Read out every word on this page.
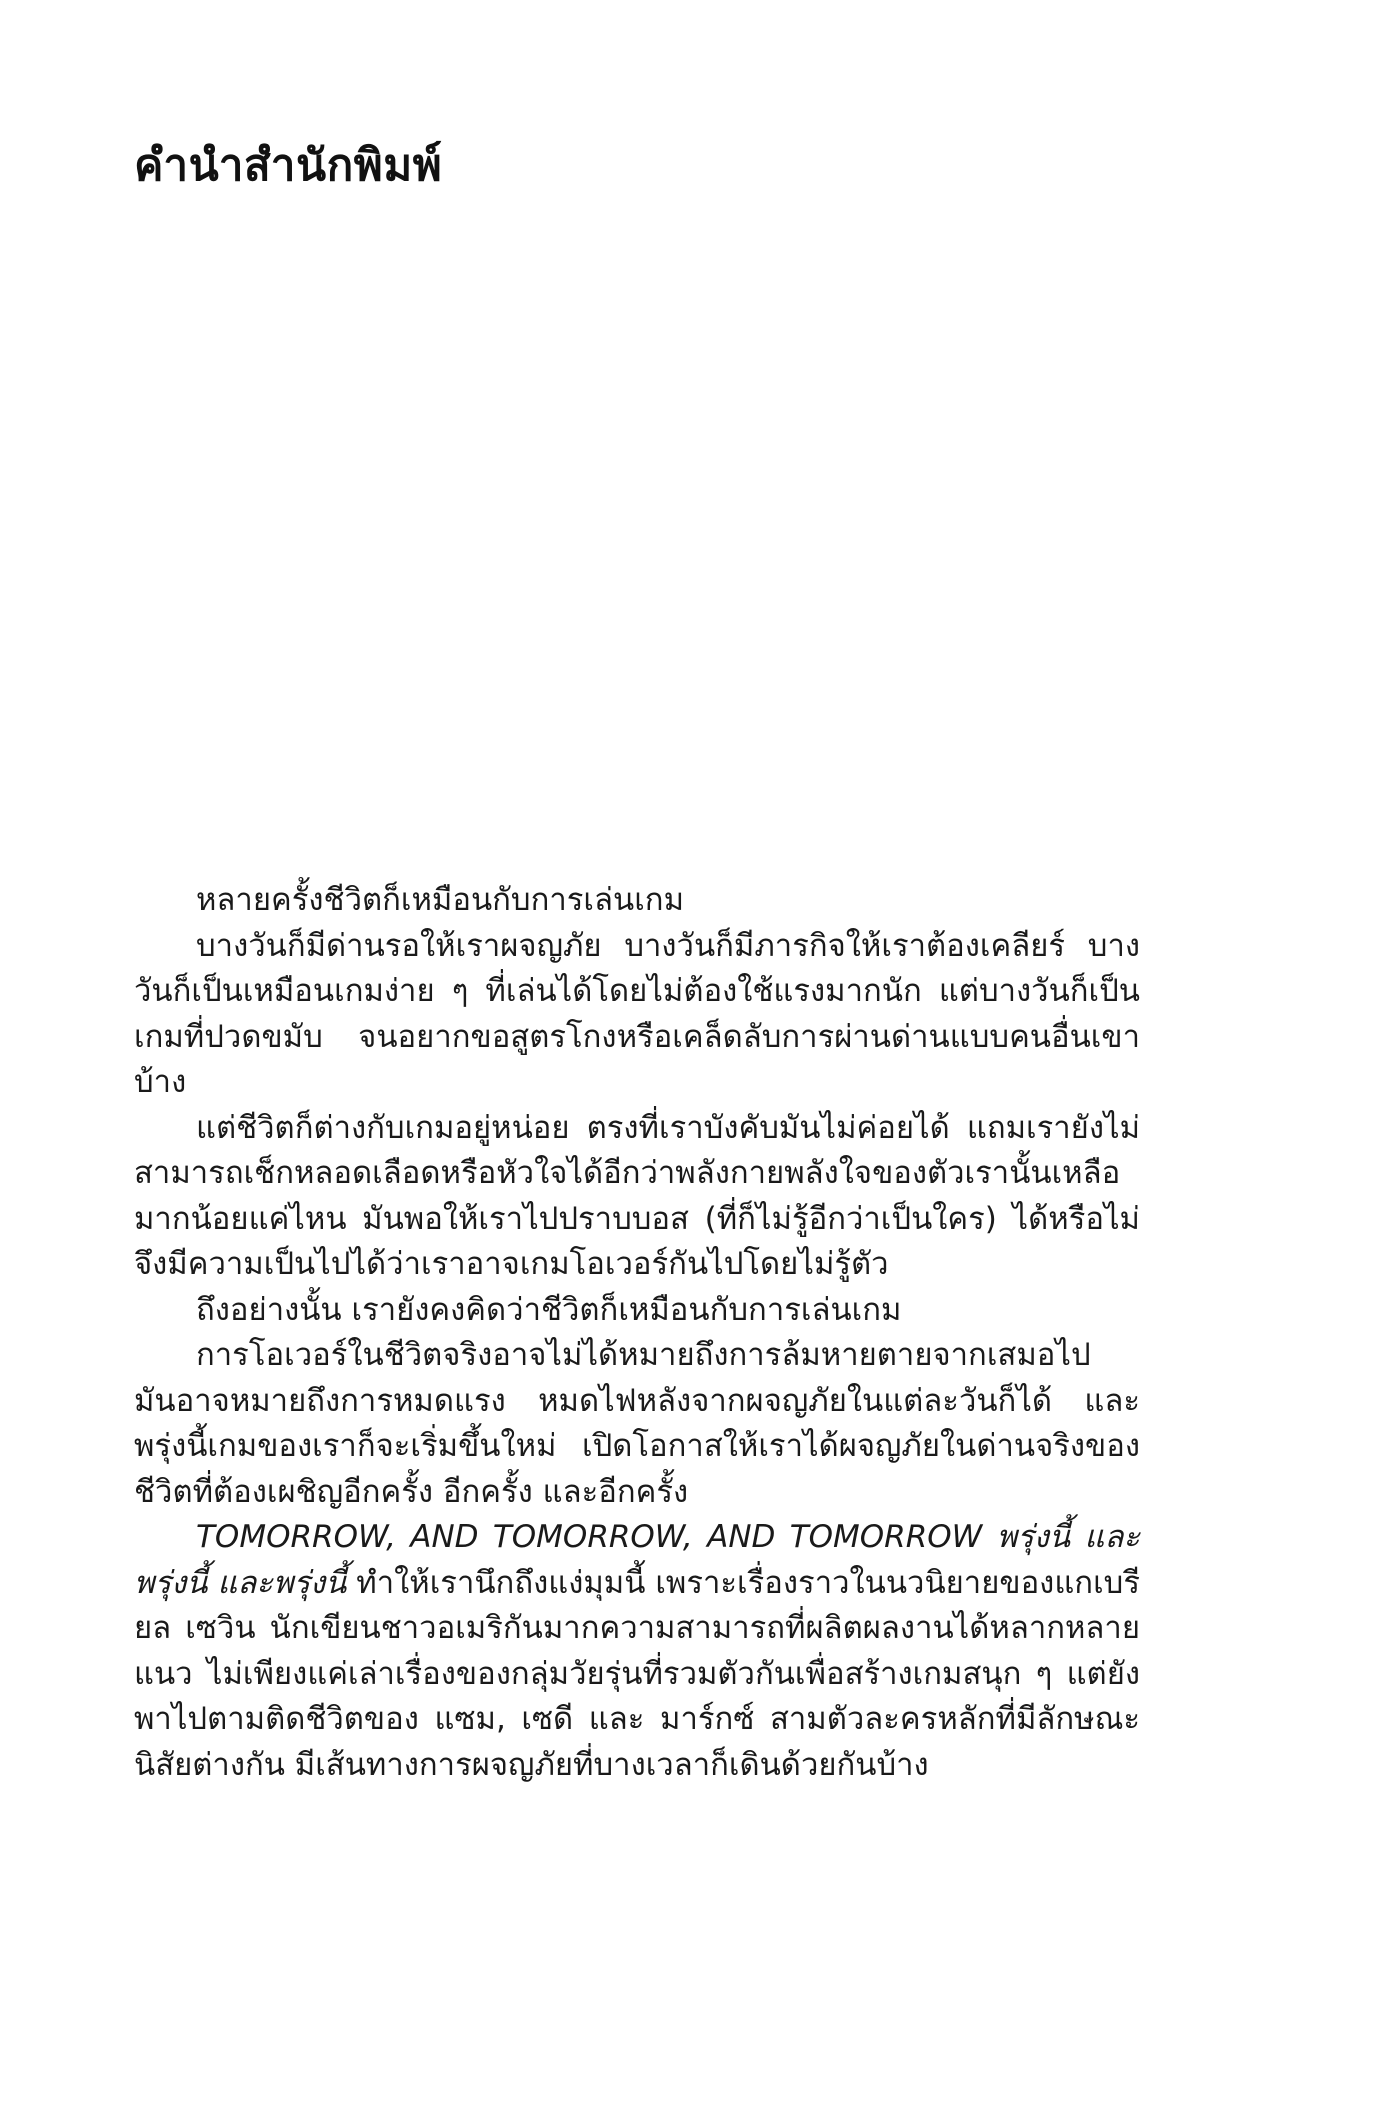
คำนำสำนักพิมพ์

หลายครั้งชีวิตก็เหมือนกับการเล่นเกม

บางวันก็มีด่านรอให้เราผจญภัย บางวันก็มีภารกิจให้เราต้องเคลียร์ บางวันก็เป็นเหมือนเกมง่าย ๆ ที่เล่นได้โดยไม่ต้องใช้แรงมากนัก แต่บางวันก็เป็นเกมที่ปวดขมับ จนอยากขอสูตรโกงหรือเคล็ดลับการผ่านด่านแบบคนอื่นเขาบ้าง

แต่ชีวิตก็ต่างกับเกมอยู่หน่อย ตรงที่เราบังคับมันไม่ค่อยได้ แถมเรายังไม่สามารถเช็กหลอดเลือดหรือหัวใจได้อีกว่าพลังกายพลังใจของตัวเรานั้นเหลือมากน้อยแค่ไหน มันพอให้เราไปปราบบอส (ที่ก็ไม่รู้อีกว่าเป็นใคร) ได้หรือไม่ จึงมีความเป็นไปได้ว่าเราอาจเกมโอเวอร์กันไปโดยไม่รู้ตัว

ถึงอย่างนั้น เรายังคงคิดว่าชีวิตก็เหมือนกับการเล่นเกม

การโอเวอร์ในชีวิตจริงอาจไม่ได้หมายถึงการล้มหายตายจากเสมอไป มันอาจหมายถึงการหมดแรง หมดไฟหลังจากผจญภัยในแต่ละวันก็ได้ และพรุ่งนี้เกมของเราก็จะเริ่มขึ้นใหม่ เปิดโอกาสให้เราได้ผจญภัยในด่านจริงของชีวิตที่ต้องเผชิญอีกครั้ง อีกครั้ง และอีกครั้ง

TOMORROW, AND TOMORROW, AND TOMORROW พรุ่งนี้ และพรุ่งนี้ และพรุ่งนี้ ทำให้เรานึกถึงแง่มุมนี้ เพราะเรื่องราวในนวนิยายของแกเบรียล เซวิน นักเขียนชาวอเมริกันมากความสามารถที่ผลิตผลงานได้หลากหลายแนว ไม่เพียงแค่เล่าเรื่องของกลุ่มวัยรุ่นที่รวมตัวกันเพื่อสร้างเกมสนุก ๆ แต่ยังพาไปตามติดชีวิตของ แซม, เซดี และ มาร์กซ์ สามตัวละครหลักที่มีลักษณะนิสัยต่างกัน มีเส้นทางการผจญภัยที่บางเวลาก็เดินด้วยกันบ้าง
